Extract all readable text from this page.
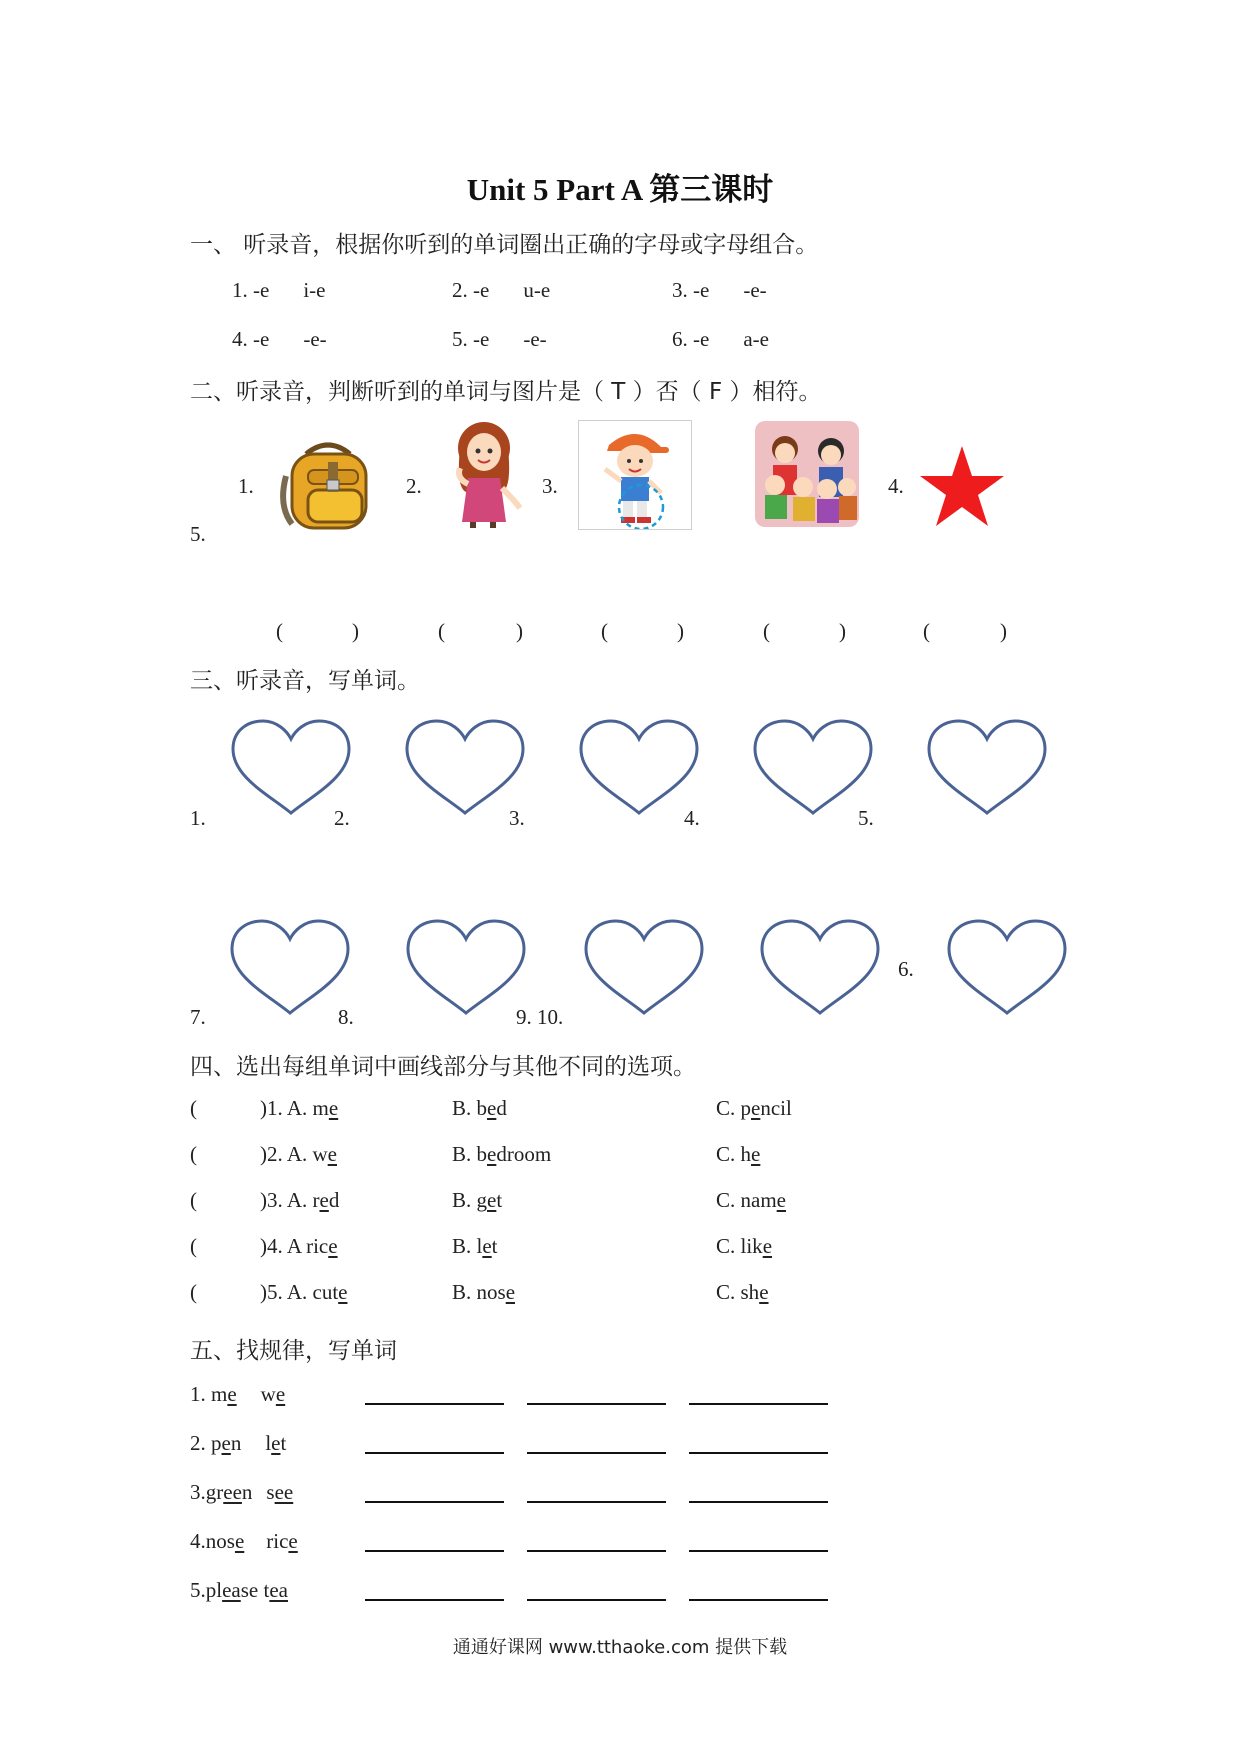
Unit 5 Part A 第三课时
一、 听录音，根据你听到的单词圈出正确的字母或字母组合。
1. -e i-e	2. -e u-e	3. -e -e-
4. -e -e-	5. -e -e-	6. -e a-e
二、听录音，判断听到的单词与图片是（ T ）否（ F ）相符。
1.	2.	3.	4.
5.
(	)	(	)	(	)	(	)	(	)
三、听录音，写单词。
1.	2.	3.	4.	5.
7.	8.	9. 10.
6.
四、选出每组单词中画线部分与其他不同的选项。
(	)1. A. me	B. bed	C. pencil
(	)2. A. we	B. bedroom	C. he
(	)3. A. red	B. get	C. name
(	)4. A rice	B. let	C. like
(	)5. A. cute	B. nose	C. she
五、找规律，写单词
1. me we
2. pen let
3.green see
4.nose rice
5.please tea
通通好课网 www.tthaoke.com 提供下载
